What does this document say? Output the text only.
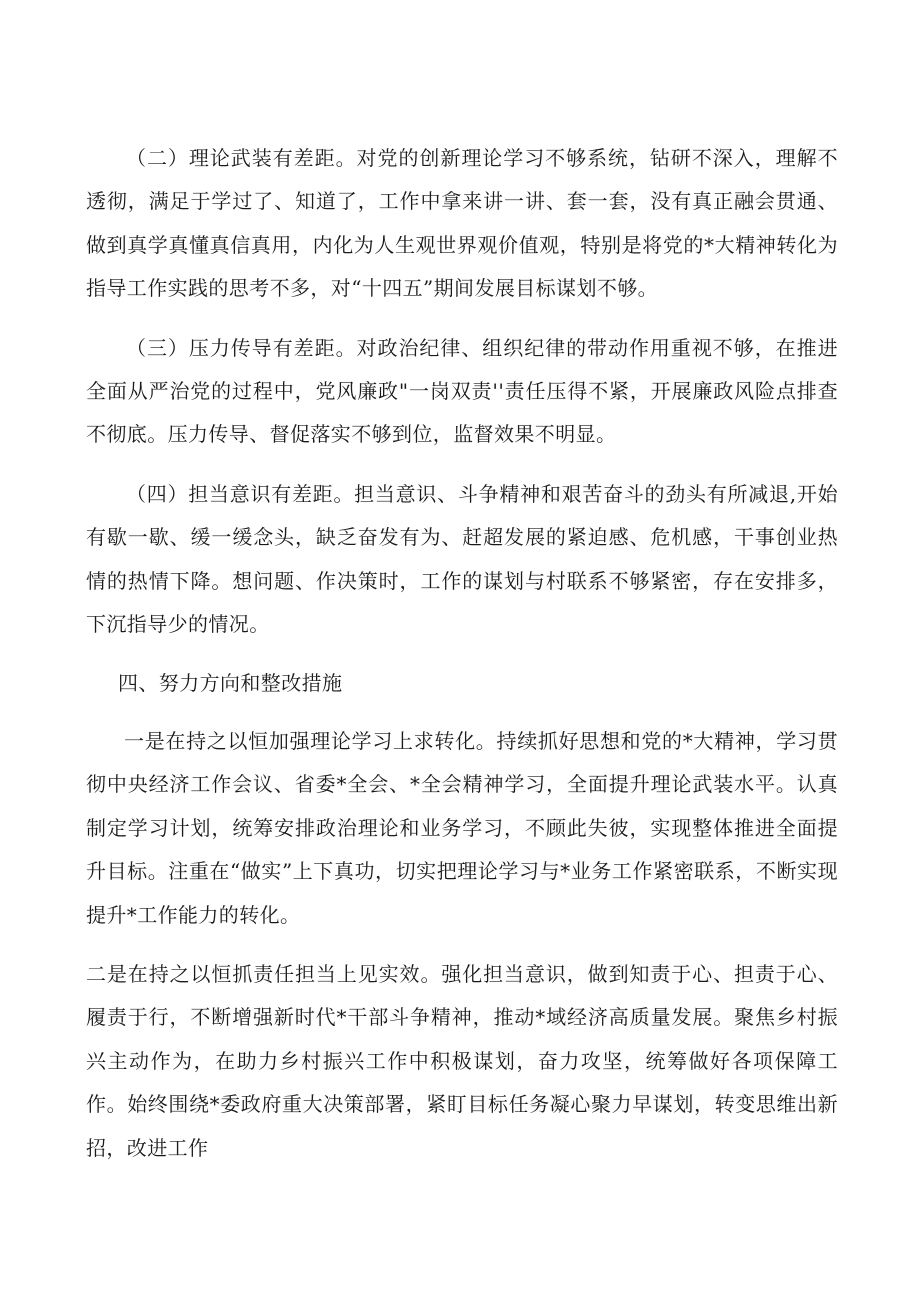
（二）理论武装有差距。对党的创新理论学习不够系统，钻研不深入，理解不透彻，满足于学过了、知道了，工作中拿来讲一讲、套一套，没有真正融会贯通、做到真学真懂真信真用，内化为人生观世界观价值观，特别是将党的*大精神转化为指导工作实践的思考不多，对“十四五”期间发展目标谋划不够。

（三）压力传导有差距。对政治纪律、组织纪律的带动作用重视不够，在推进全面从严治党的过程中，党风廉政"一岗双责''责任压得不紧，开展廉政风险点排查不彻底。压力传导、督促落实不够到位，监督效果不明显。

（四）担当意识有差距。担当意识、斗争精神和艰苦奋斗的劲头有所减退,开始有歇一歇、缓一缓念头，缺乏奋发有为、赶超发展的紧迫感、危机感，干事创业热情的热情下降。想问题、作决策时，工作的谋划与村联系不够紧密，存在安排多，下沉指导少的情况。

四、努力方向和整改措施

一是在持之以恒加强理论学习上求转化。持续抓好思想和党的*大精神，学习贯彻中央经济工作会议、省委*全会、*全会精神学习，全面提升理论武装水平。认真制定学习计划，统筹安排政治理论和业务学习，不顾此失彼，实现整体推进全面提升目标。注重在“做实”上下真功，切实把理论学习与*业务工作紧密联系，不断实现提升*工作能力的转化。

二是在持之以恒抓责任担当上见实效。强化担当意识，做到知责于心、担责于心、履责于行，不断增强新时代*干部斗争精神，推动*域经济高质量发展。聚焦乡村振兴主动作为，在助力乡村振兴工作中积极谋划，奋力攻坚，统筹做好各项保障工作。始终围绕*委政府重大决策部署，紧盯目标任务凝心聚力早谋划，转变思维出新招，改进工作
